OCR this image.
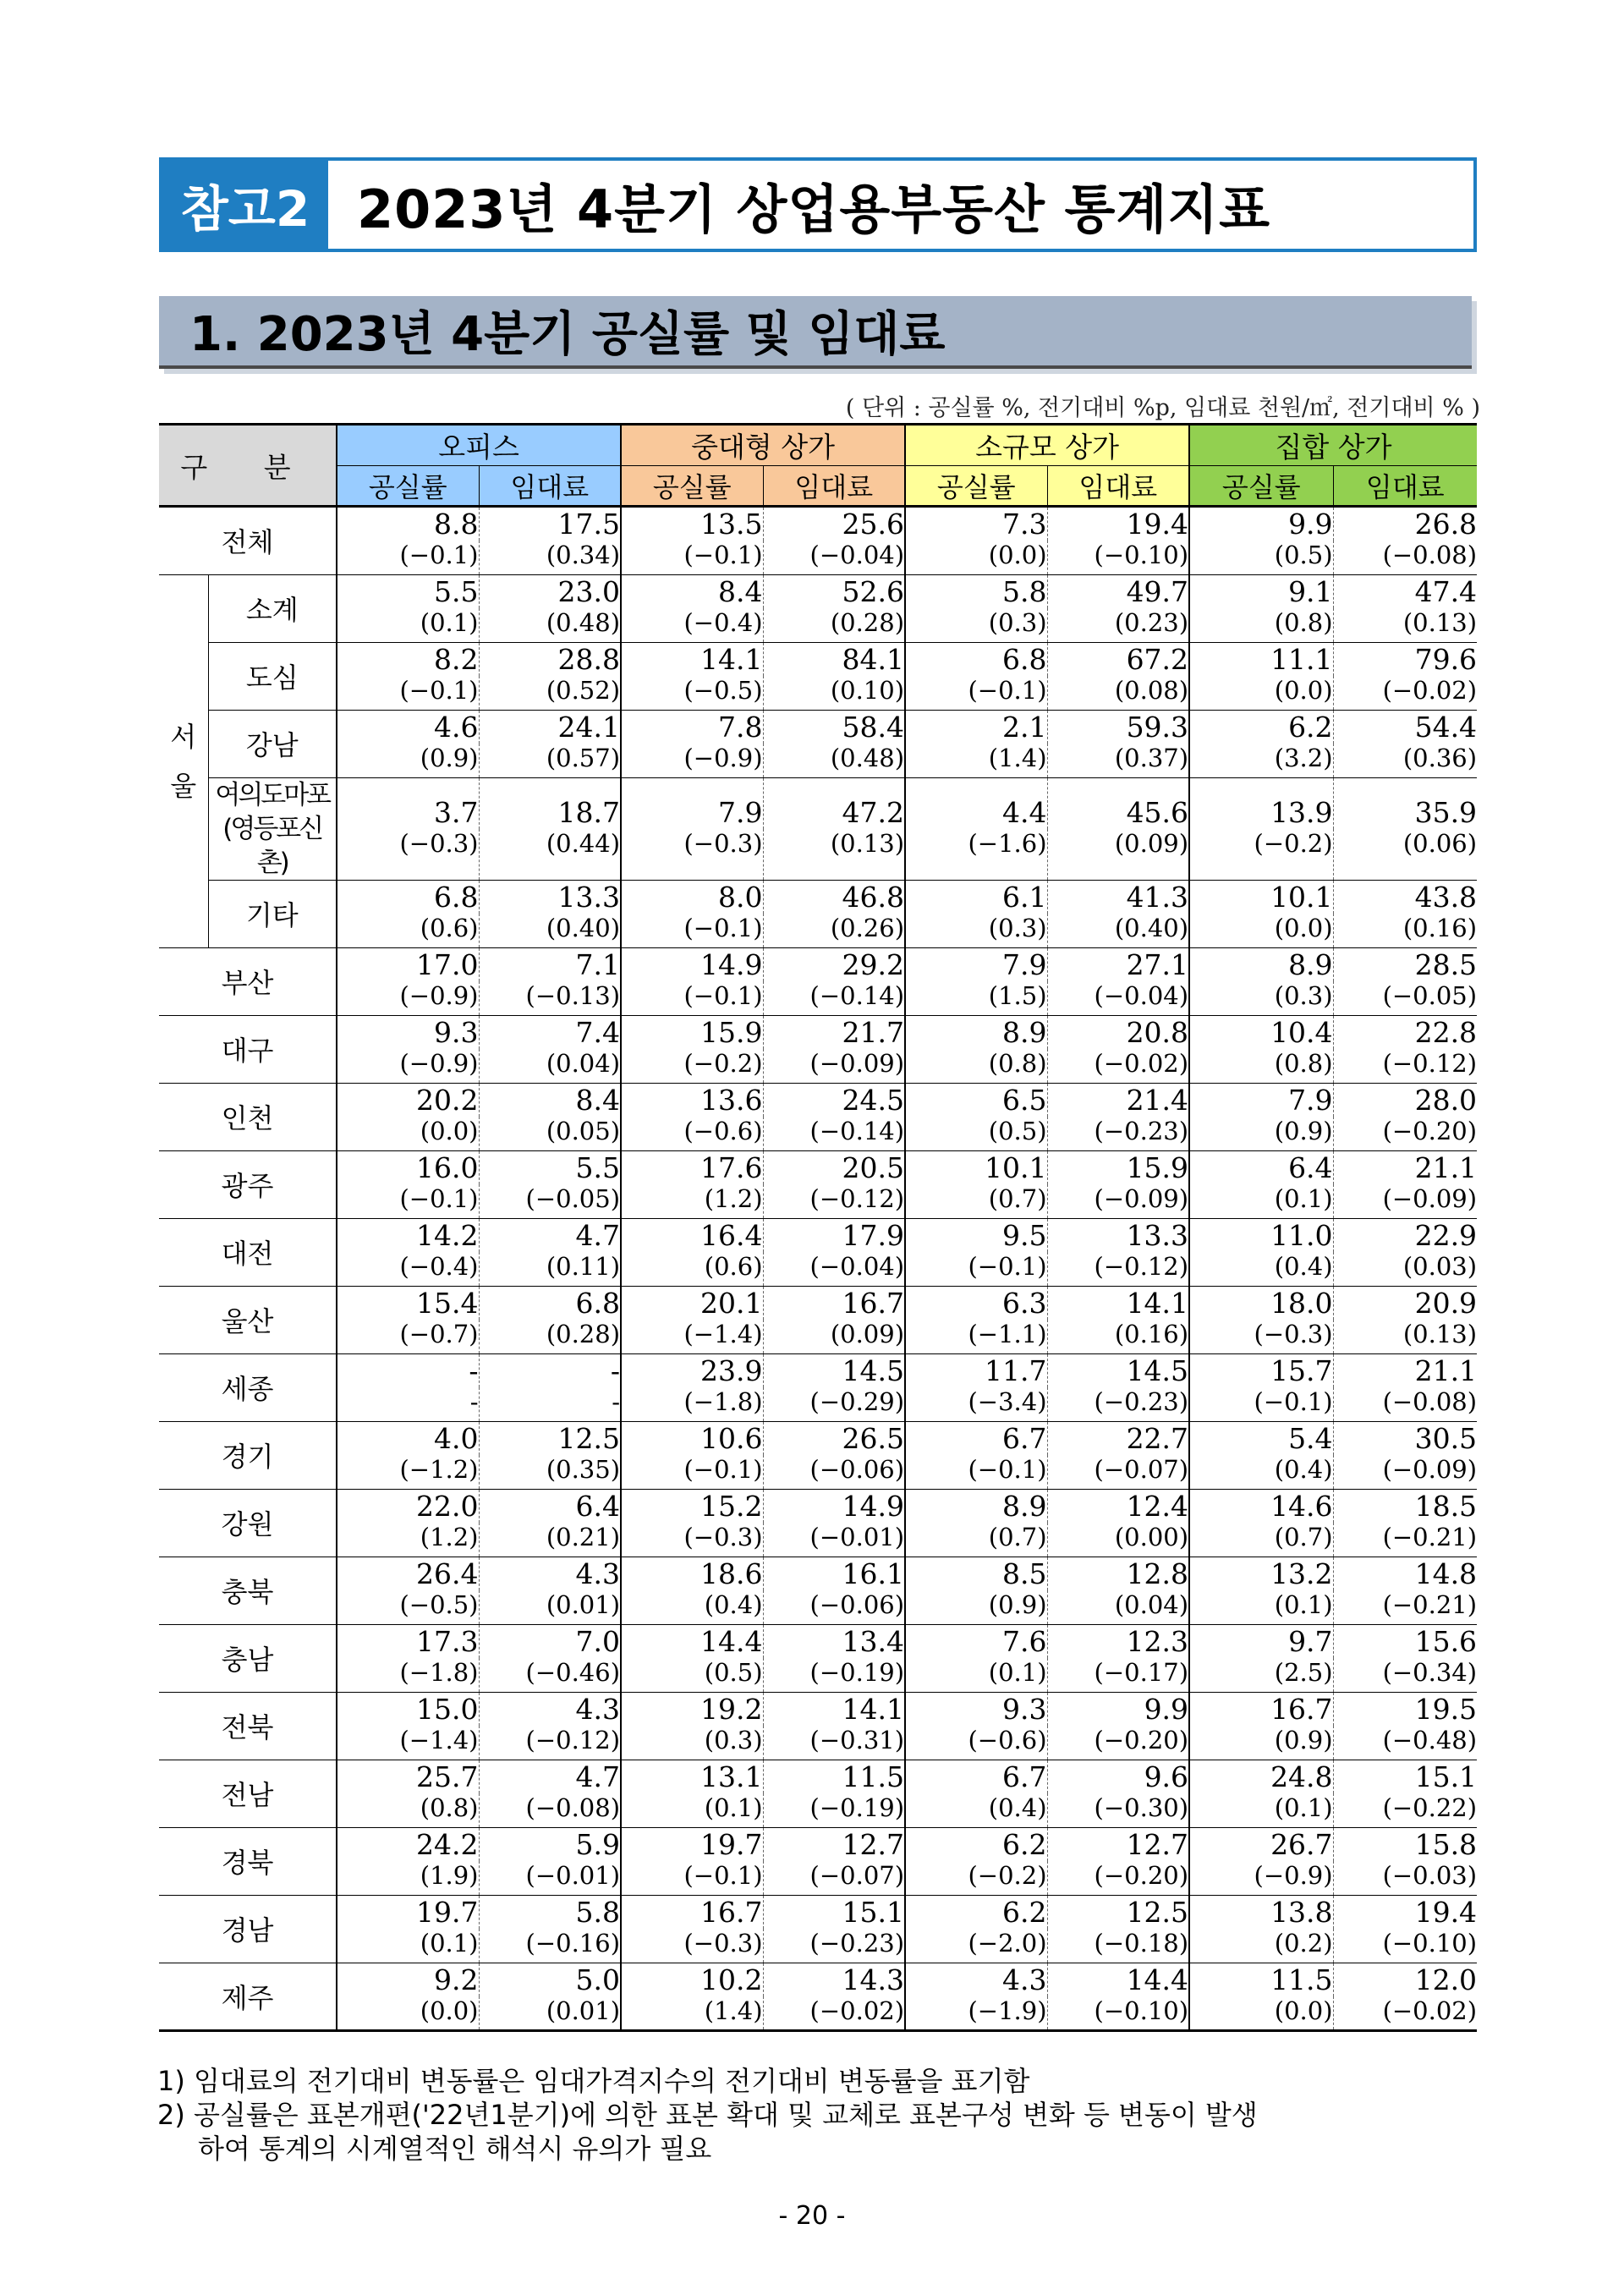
참고2 2023년 4분기 상업용부동산 통계지표
1. 2023년 4분기 공실률 및 임대료
( 단위 : 공실률 %, 전기대비 %p, 임대료 천원/㎡, 전기대비 % )
구 분		오피스		중대형 상가		소규모 상가		집합 상가	
		공실률	임대료	공실률	임대료	공실률	임대료	공실률	임대료
전체		8.8	17.5	13.5	25.6	7.3	19.4	9.9	26.8
		(−0.1)	(0.34)	(−0.1)	(−0.04)	(0.0)	(−0.10)	(0.5)	(−0.08)
서
울	소계	5.5	23.0	8.4	52.6	5.8	49.7	9.1	47.4
		(0.1)	(0.48)	(−0.4)	(0.28)	(0.3)	(0.23)	(0.8)	(0.13)
	도심	8.2	28.8	14.1	84.1	6.8	67.2	11.1	79.6
		(−0.1)	(0.52)	(−0.5)	(0.10)	(−0.1)	(0.08)	(0.0)	(−0.02)
	강남	4.6	24.1	7.8	58.4	2.1	59.3	6.2	54.4
		(0.9)	(0.57)	(−0.9)	(0.48)	(1.4)	(0.37)	(3.2)	(0.36)
	여의도마포
(영등포신촌)	3.7	18.7	7.9	47.2	4.4	45.6	13.9	35.9
		(−0.3)	(0.44)	(−0.3)	(0.13)	(−1.6)	(0.09)	(−0.2)	(0.06)
	기타	6.8	13.3	8.0	46.8	6.1	41.3	10.1	43.8
		(0.6)	(0.40)	(−0.1)	(0.26)	(0.3)	(0.40)	(0.0)	(0.16)
부산		17.0	7.1	14.9	29.2	7.9	27.1	8.9	28.5
		(−0.9)	(−0.13)	(−0.1)	(−0.14)	(1.5)	(−0.04)	(0.3)	(−0.05)
대구		9.3	7.4	15.9	21.7	8.9	20.8	10.4	22.8
		(−0.9)	(0.04)	(−0.2)	(−0.09)	(0.8)	(−0.02)	(0.8)	(−0.12)
인천		20.2	8.4	13.6	24.5	6.5	21.4	7.9	28.0
		(0.0)	(0.05)	(−0.6)	(−0.14)	(0.5)	(−0.23)	(0.9)	(−0.20)
광주		16.0	5.5	17.6	20.5	10.1	15.9	6.4	21.1
		(−0.1)	(−0.05)	(1.2)	(−0.12)	(0.7)	(−0.09)	(0.1)	(−0.09)
대전		14.2	4.7	16.4	17.9	9.5	13.3	11.0	22.9
		(−0.4)	(0.11)	(0.6)	(−0.04)	(−0.1)	(−0.12)	(0.4)	(0.03)
울산		15.4	6.8	20.1	16.7	6.3	14.1	18.0	20.9
		(−0.7)	(0.28)	(−1.4)	(0.09)	(−1.1)	(0.16)	(−0.3)	(0.13)
세종		-	-	23.9	14.5	11.7	14.5	15.7	21.1
		-	-	(−1.8)	(−0.29)	(−3.4)	(−0.23)	(−0.1)	(−0.08)
경기		4.0	12.5	10.6	26.5	6.7	22.7	5.4	30.5
		(−1.2)	(0.35)	(−0.1)	(−0.06)	(−0.1)	(−0.07)	(0.4)	(−0.09)
강원		22.0	6.4	15.2	14.9	8.9	12.4	14.6	18.5
		(1.2)	(0.21)	(−0.3)	(−0.01)	(0.7)	(0.00)	(0.7)	(−0.21)
충북		26.4	4.3	18.6	16.1	8.5	12.8	13.2	14.8
		(−0.5)	(0.01)	(0.4)	(−0.06)	(0.9)	(0.04)	(0.1)	(−0.21)
충남		17.3	7.0	14.4	13.4	7.6	12.3	9.7	15.6
		(−1.8)	(−0.46)	(0.5)	(−0.19)	(0.1)	(−0.17)	(2.5)	(−0.34)
전북		15.0	4.3	19.2	14.1	9.3	9.9	16.7	19.5
		(−1.4)	(−0.12)	(0.3)	(−0.31)	(−0.6)	(−0.20)	(0.9)	(−0.48)
전남		25.7	4.7	13.1	11.5	6.7	9.6	24.8	15.1
		(0.8)	(−0.08)	(0.1)	(−0.19)	(0.4)	(−0.30)	(0.1)	(−0.22)
경북		24.2	5.9	19.7	12.7	6.2	12.7	26.7	15.8
		(1.9)	(−0.01)	(−0.1)	(−0.07)	(−0.2)	(−0.20)	(−0.9)	(−0.03)
경남		19.7	5.8	16.7	15.1	6.2	12.5	13.8	19.4
		(0.1)	(−0.16)	(−0.3)	(−0.23)	(−2.0)	(−0.18)	(0.2)	(−0.10)
제주		9.2	5.0	10.2	14.3	4.3	14.4	11.5	12.0
		(0.0)	(0.01)	(1.4)	(−0.02)	(−1.9)	(−0.10)	(0.0)	(−0.02)

1) 임대료의 전기대비 변동률은 임대가격지수의 전기대비 변동률을 표기함

2) 공실률은 표본개편('22년1분기)에 의한 표본 확대 및 교체로 표본구성 변화 등 변동이 발생

하여 통계의 시계열적인 해석시 유의가 필요

- 20 -
